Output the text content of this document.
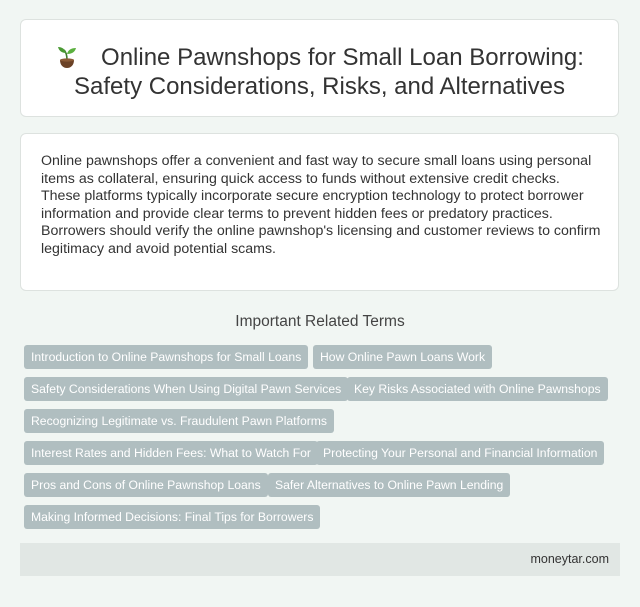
Online Pawnshops for Small Loan Borrowing:
Safety Considerations, Risks, and Alternatives

Online pawnshops offer a convenient and fast way to secure small loans using personal items as collateral, ensuring quick access to funds without extensive credit checks. These platforms typically incorporate secure encryption technology to protect borrower information and provide clear terms to prevent hidden fees or predatory practices. Borrowers should verify the online pawnshop's licensing and customer reviews to confirm legitimacy and avoid potential scams.

Important Related Terms
Introduction to Online Pawnshops for Small Loans	How Online Pawn Loans Work
Safety Considerations When Using Digital Pawn Services	Key Risks Associated with Online Pawnshops
Recognizing Legitimate vs. Fraudulent Pawn Platforms
Interest Rates and Hidden Fees: What to Watch For Protecting Your Personal and Financial Information
Pros and Cons of Online Pawnshop Loans	Safer Alternatives to Online Pawn Lending
Making Informed Decisions: Final Tips for Borrowers
moneytar.com
